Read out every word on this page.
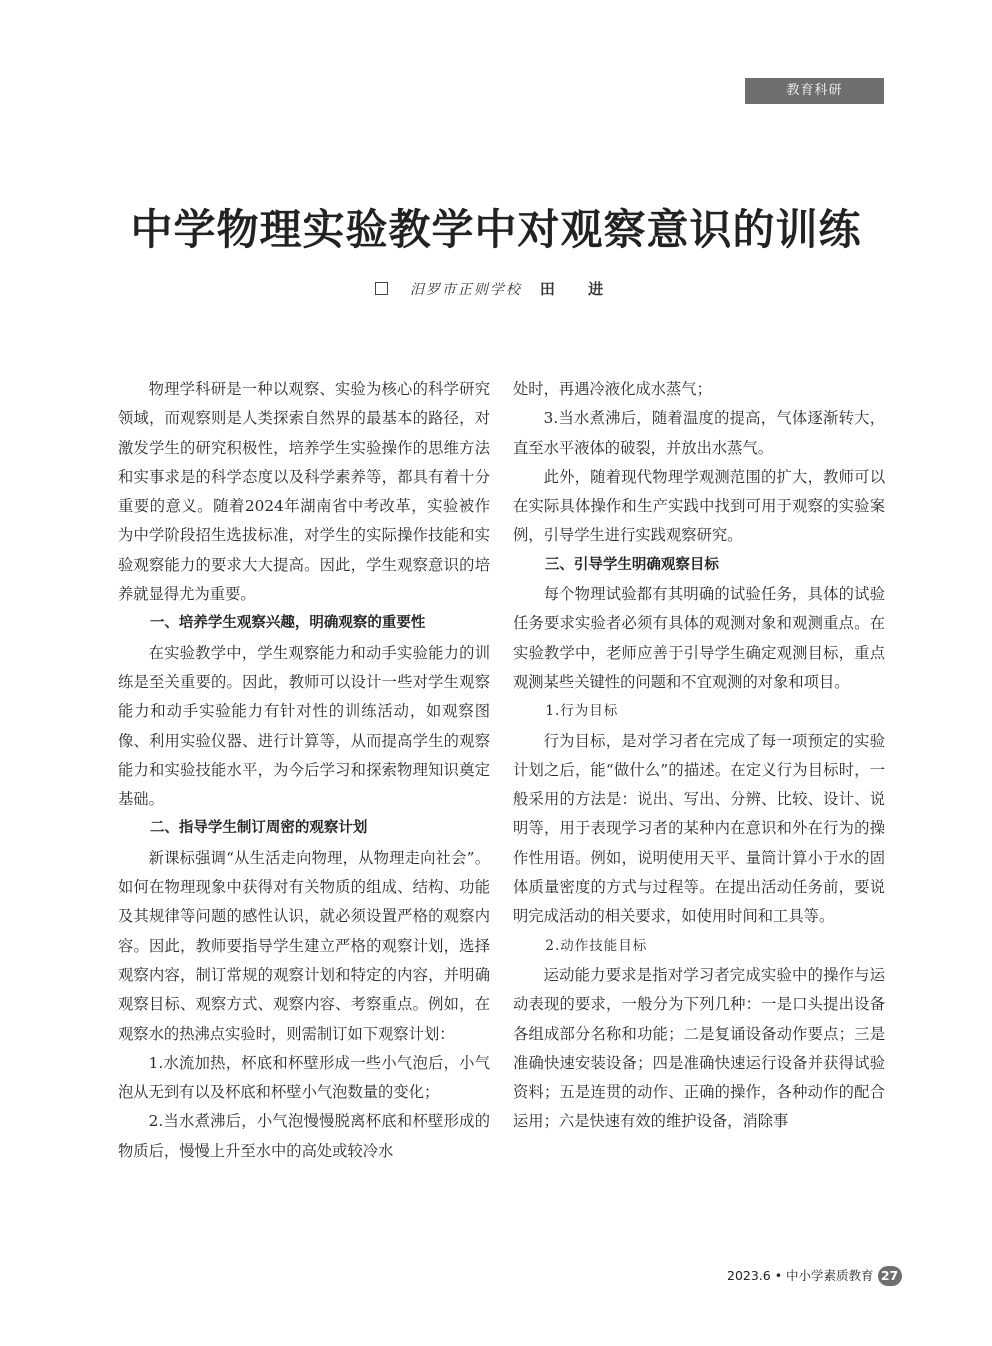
教育科研
中学物理实验教学中对观察意识的训练
汨罗市正则学校 田 进

物理学科研是一种以观察、实验为核心的科学研究领域，而观察则是人类探索自然界的最基本的路径，对激发学生的研究积极性，培养学生实验操作的思维方法和实事求是的科学态度以及科学素养等，都具有着十分重要的意义。随着2024年湖南省中考改革，实验被作为中学阶段招生选拔标准，对学生的实际操作技能和实验观察能力的要求大大提高。因此，学生观察意识的培养就显得尤为重要。

一、培养学生观察兴趣，明确观察的重要性

在实验教学中，学生观察能力和动手实验能力的训练是至关重要的。因此，教师可以设计一些对学生观察能力和动手实验能力有针对性的训练活动，如观察图像、利用实验仪器、进行计算等，从而提高学生的观察能力和实验技能水平，为今后学习和探索物理知识奠定基础。

二、指导学生制订周密的观察计划

新课标强调“从生活走向物理，从物理走向社会”。如何在物理现象中获得对有关物质的组成、结构、功能及其规律等问题的感性认识，就必须设置严格的观察内容。因此，教师要指导学生建立严格的观察计划，选择观察内容，制订常规的观察计划和特定的内容，并明确观察目标、观察方式、观察内容、考察重点。例如，在观察水的热沸点实验时，则需制订如下观察计划：

1.水流加热，杯底和杯壁形成一些小气泡后，小气泡从无到有以及杯底和杯壁小气泡数量的变化；

2.当水煮沸后，小气泡慢慢脱离杯底和杯壁形成的物质后，慢慢上升至水中的高处或较冷水

处时，再遇冷液化成水蒸气；

3.当水煮沸后，随着温度的提高，气体逐渐转大，直至水平液体的破裂，并放出水蒸气。

此外，随着现代物理学观测范围的扩大，教师可以在实际具体操作和生产实践中找到可用于观察的实验案例，引导学生进行实践观察研究。

三、引导学生明确观察目标

每个物理试验都有其明确的试验任务，具体的试验任务要求实验者必须有具体的观测对象和观测重点。在实验教学中，老师应善于引导学生确定观测目标，重点观测某些关键性的问题和不宜观测的对象和项目。

1.行为目标

行为目标，是对学习者在完成了每一项预定的实验计划之后，能“做什么”的描述。在定义行为目标时，一般采用的方法是：说出、写出、分辨、比较、设计、说明等，用于表现学习者的某种内在意识和外在行为的操作性用语。例如，说明使用天平、量筒计算小于水的固体质量密度的方式与过程等。在提出活动任务前，要说明完成活动的相关要求，如使用时间和工具等。

2.动作技能目标

运动能力要求是指对学习者完成实验中的操作与运动表现的要求，一般分为下列几种：一是口头提出设备各组成部分名称和功能；二是复诵设备动作要点；三是准确快速安装设备；四是准确快速运行设备并获得试验资料；五是连贯的动作、正确的操作，各种动作的配合运用；六是快速有效的维护设备，消除事

2023.6 • 中小学素质教育 27
